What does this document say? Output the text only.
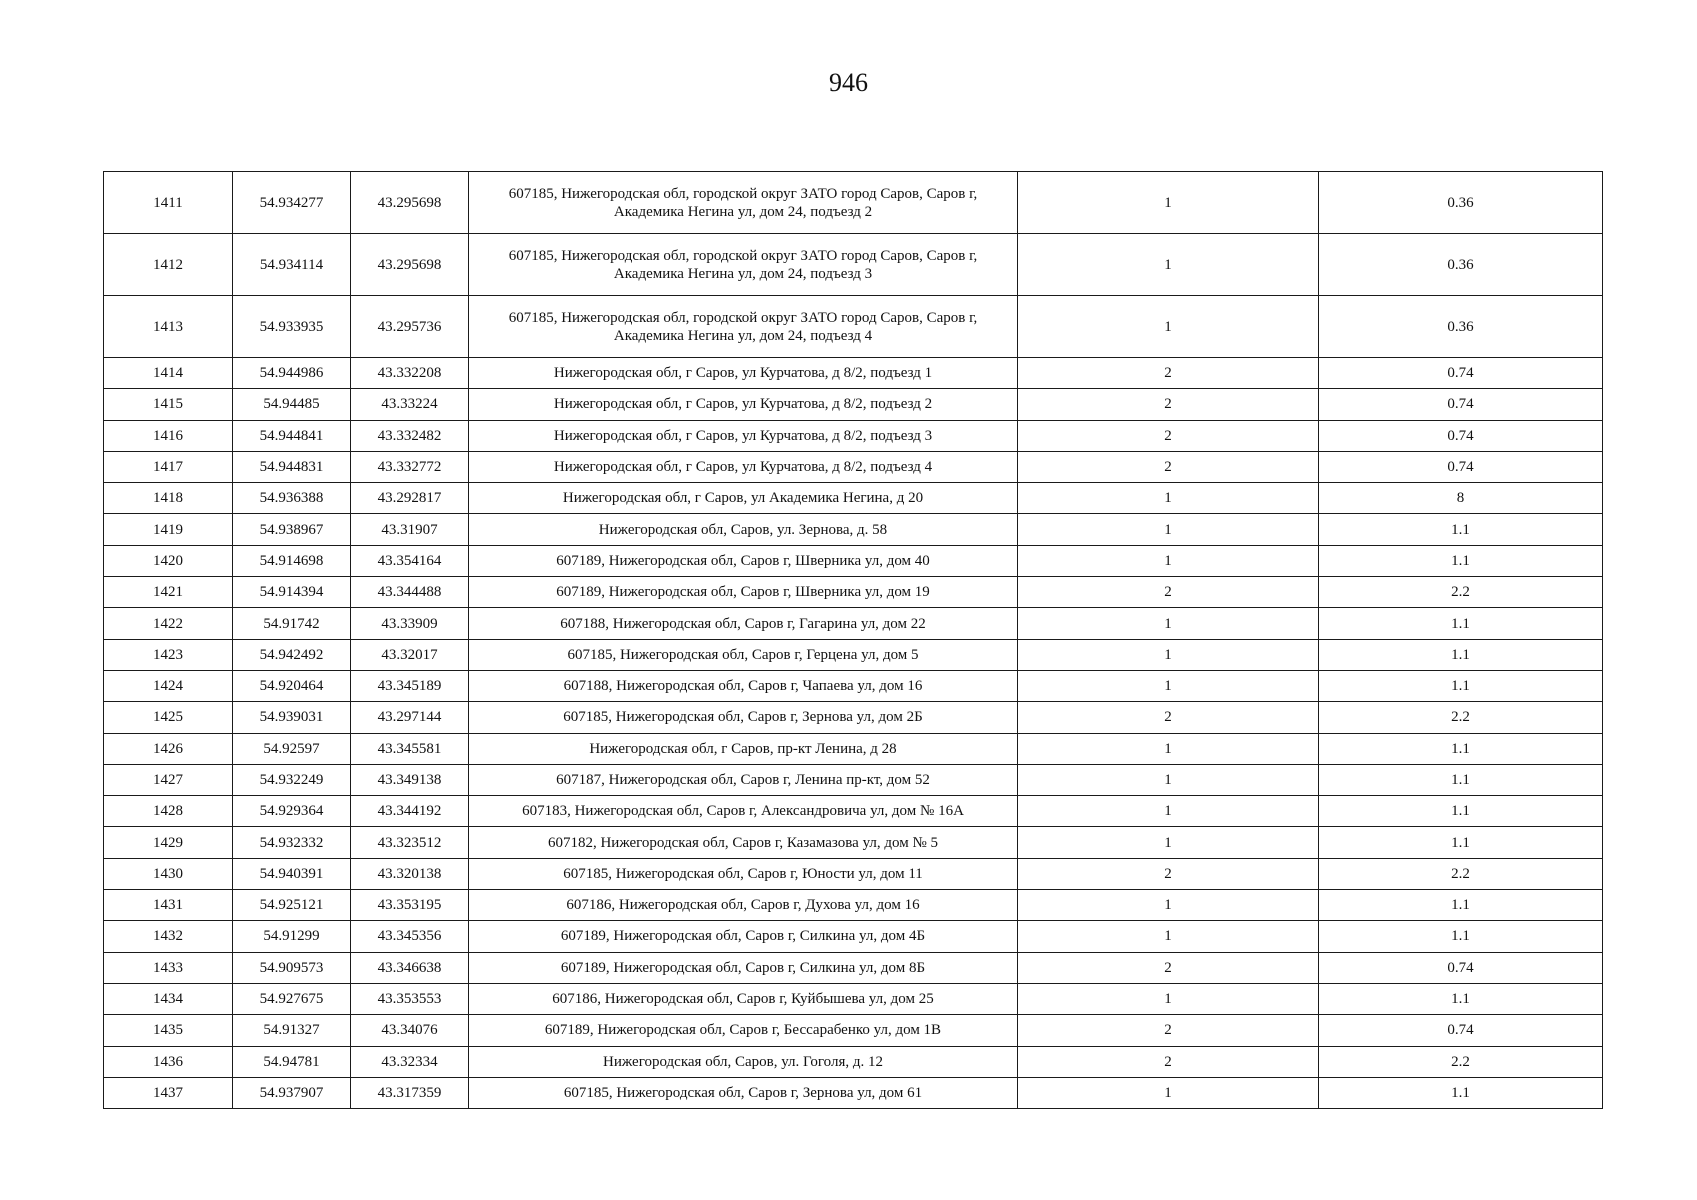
946
1411	54.934277	43.295698	607185, Нижегородская обл, городской округ ЗАТО город Саров, Саров г, Академика Негина ул, дом 24, подъезд 2	1	0.36
1412	54.934114	43.295698	607185, Нижегородская обл, городской округ ЗАТО город Саров, Саров г, Академика Негина ул, дом 24, подъезд 3	1	0.36
1413	54.933935	43.295736	607185, Нижегородская обл, городской округ ЗАТО город Саров, Саров г, Академика Негина ул, дом 24, подъезд 4	1	0.36
1414	54.944986	43.332208	Нижегородская обл, г Саров, ул Курчатова, д 8/2, подъезд 1	2	0.74
1415	54.94485	43.33224	Нижегородская обл, г Саров, ул Курчатова, д 8/2, подъезд 2	2	0.74
1416	54.944841	43.332482	Нижегородская обл, г Саров, ул Курчатова, д 8/2, подъезд 3	2	0.74
1417	54.944831	43.332772	Нижегородская обл, г Саров, ул Курчатова, д 8/2, подъезд 4	2	0.74
1418	54.936388	43.292817	Нижегородская обл, г Саров, ул Академика Негина, д 20	1	8
1419	54.938967	43.31907	Нижегородская обл, Саров, ул. Зернова, д. 58	1	1.1
1420	54.914698	43.354164	607189, Нижегородская обл, Саров г, Шверника ул, дом 40	1	1.1
1421	54.914394	43.344488	607189, Нижегородская обл, Саров г, Шверника ул, дом 19	2	2.2
1422	54.91742	43.33909	607188, Нижегородская обл, Саров г, Гагарина ул, дом 22	1	1.1
1423	54.942492	43.32017	607185, Нижегородская обл, Саров г, Герцена ул, дом 5	1	1.1
1424	54.920464	43.345189	607188, Нижегородская обл, Саров г, Чапаева ул, дом 16	1	1.1
1425	54.939031	43.297144	607185, Нижегородская обл, Саров г, Зернова ул, дом 2Б	2	2.2
1426	54.92597	43.345581	Нижегородская обл, г Саров, пр-кт Ленина, д 28	1	1.1
1427	54.932249	43.349138	607187, Нижегородская обл, Саров г, Ленина пр-кт, дом 52	1	1.1
1428	54.929364	43.344192	607183, Нижегородская обл, Саров г, Александровича ул, дом № 16А	1	1.1
1429	54.932332	43.323512	607182, Нижегородская обл, Саров г, Казамазова ул, дом № 5	1	1.1
1430	54.940391	43.320138	607185, Нижегородская обл, Саров г, Юности ул, дом 11	2	2.2
1431	54.925121	43.353195	607186, Нижегородская обл, Саров г, Духова ул, дом 16	1	1.1
1432	54.91299	43.345356	607189, Нижегородская обл, Саров г, Силкина ул, дом 4Б	1	1.1
1433	54.909573	43.346638	607189, Нижегородская обл, Саров г, Силкина ул, дом 8Б	2	0.74
1434	54.927675	43.353553	607186, Нижегородская обл, Саров г, Куйбышева ул, дом 25	1	1.1
1435	54.91327	43.34076	607189, Нижегородская обл, Саров г, Бессарабенко ул, дом 1В	2	0.74
1436	54.94781	43.32334	Нижегородская обл, Саров, ул. Гоголя, д. 12	2	2.2
1437	54.937907	43.317359	607185, Нижегородская обл, Саров г, Зернова ул, дом 61	1	1.1
